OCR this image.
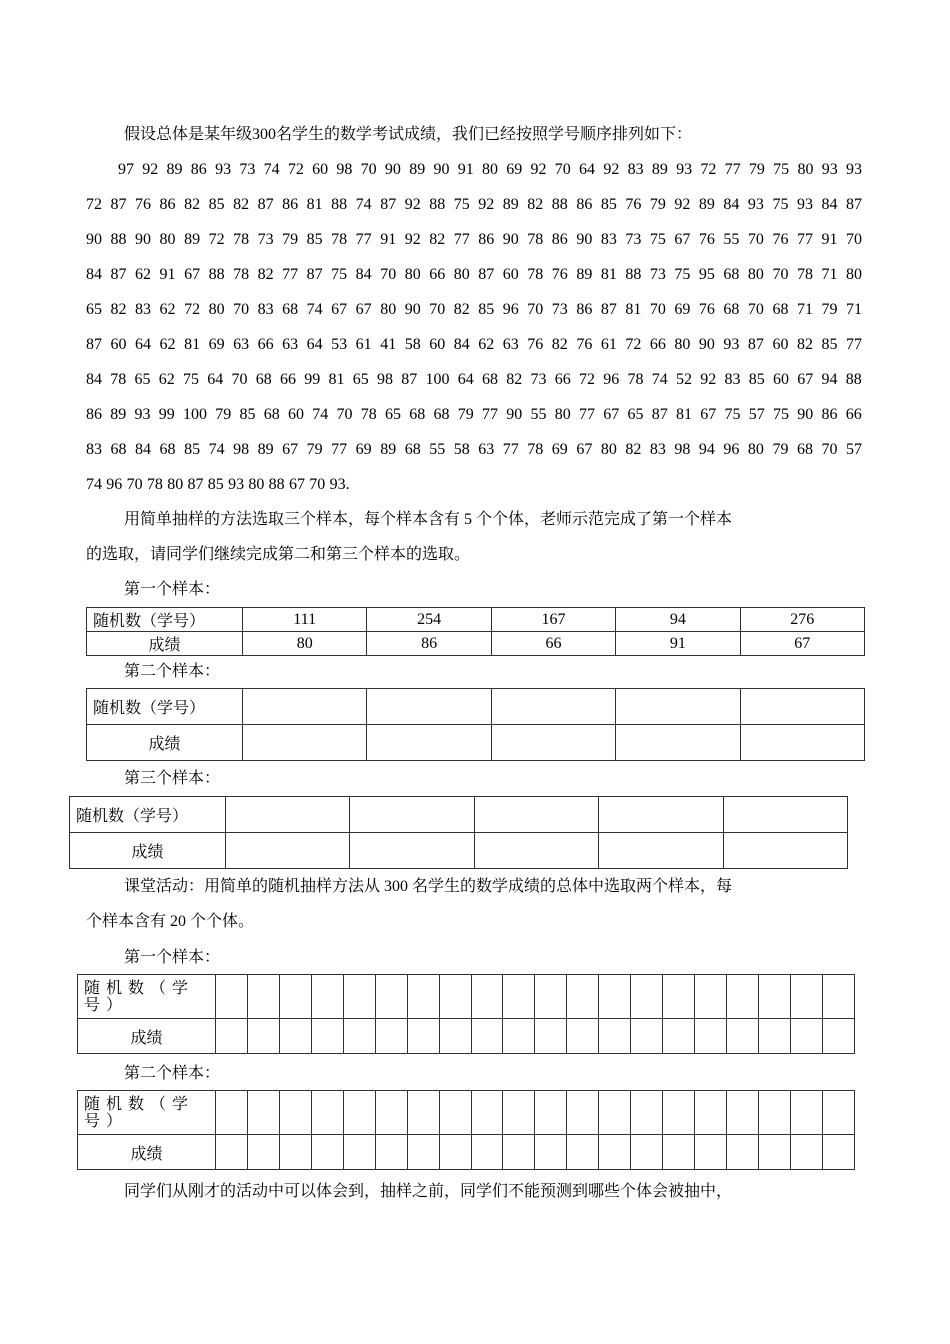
假设总体是某年级300名学生的数学考试成绩，我们已经按照学号顺序排列如下：
97 92 89 86 93 73 74 72 60 98 70 90 89 90 91 80 69 92 70 64 92 83 89 93 72 77 79 75 80 93 93
72 87 76 86 82 85 82 87 86 81 88 74 87 92 88 75 92 89 82 88 86 85 76 79 92 89 84 93 75 93 84 87
90 88 90 80 89 72 78 73 79 85 78 77 91 92 82 77 86 90 78 86 90 83 73 75 67 76 55 70 76 77 91 70
84 87 62 91 67 88 78 82 77 87 75 84 70 80 66 80 87 60 78 76 89 81 88 73 75 95 68 80 70 78 71 80
65 82 83 62 72 80 70 83 68 74 67 67 80 90 70 82 85 96 70 73 86 87 81 70 69 76 68 70 68 71 79 71
87 60 64 62 81 69 63 66 63 64 53 61 41 58 60 84 62 63 76 82 76 61 72 66 80 90 93 87 60 82 85 77
84 78 65 62 75 64 70 68 66 99 81 65 98 87 100 64 68 82 73 66 72 96 78 74 52 92 83 85 60 67 94 88
86 89 93 99 100 79 85 68 60 74 70 78 65 68 68 79 77 90 55 80 77 67 65 87 81 67 75 57 75 90 86 66
83 68 84 68 85 74 98 89 67 79 77 69 89 68 55 58 63 77 78 69 67 80 82 83 98 94 96 80 79 68 70 57
74 96 70 78 80 87 85 93 80 88 67 70 93.
用简单抽样的方法选取三个样本，每个样本含有 5 个个体，老师示范完成了第一个样本
的选取，请同学们继续完成第二和第三个样本的选取。
第一个样本：
随机数（学号）	111	254	167	94	276
成绩	80	86	66	91	67
第二个样本：
随机数（学号）					
成绩					
第三个样本：
随机数（学号）					
成绩					
课堂活动：用简单的随机抽样方法从 300 名学生的数学成绩的总体中选取两个样本，每
个样本含有 20 个个体。
第一个样本：
随机数（学号）																				
成绩																				
第二个样本：
随机数（学号）																				
成绩																				
同学们从刚才的活动中可以体会到，抽样之前，同学们不能预测到哪些个体会被抽中，
